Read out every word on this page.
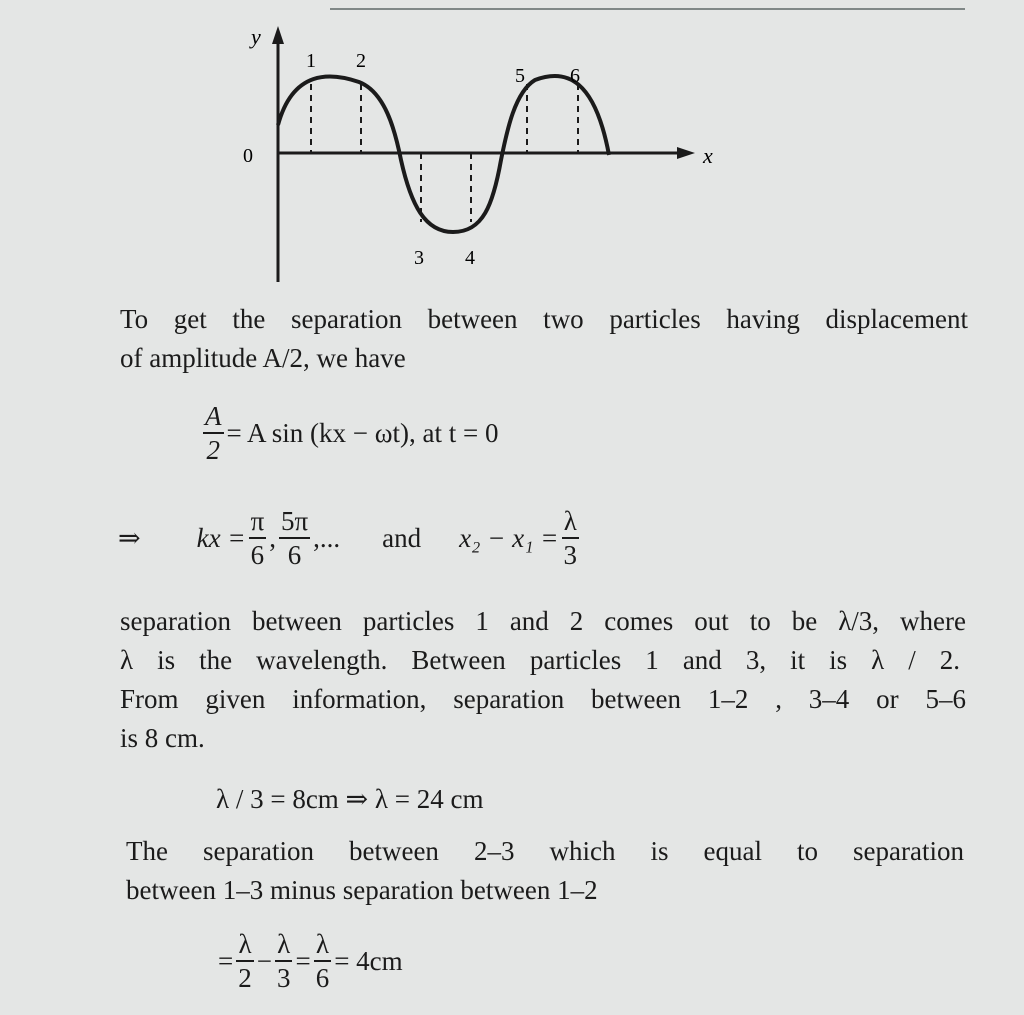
y
x
0
1 2
3 4
5 6
To get the separation between two particles having displacement
of amplitude A/2, we have
$\frac{A}{2} = A$ sin (kx − ωt), at t = 0
⇒ kx = $\frac{\pi}{6}$ , $\frac{5\pi}{6}$ ,... and $x_2 - x_1 = \frac{\lambda}{3}$
separation between particles 1 and 2 comes out to be λ/3, where
λ is the wavelength. Between particles 1 and 3, it is λ / 2.
From given information, separation between 1–2 , 3–4 or 5–6
is 8 cm.
λ / 3 = 8cm ⇒ λ = 24 cm
The separation between 2–3 which is equal to separation
between 1–3 minus separation between 1–2
= $\frac{\lambda}{2} - \frac{\lambda}{3} = \frac{\lambda}{6} = 4cm$
